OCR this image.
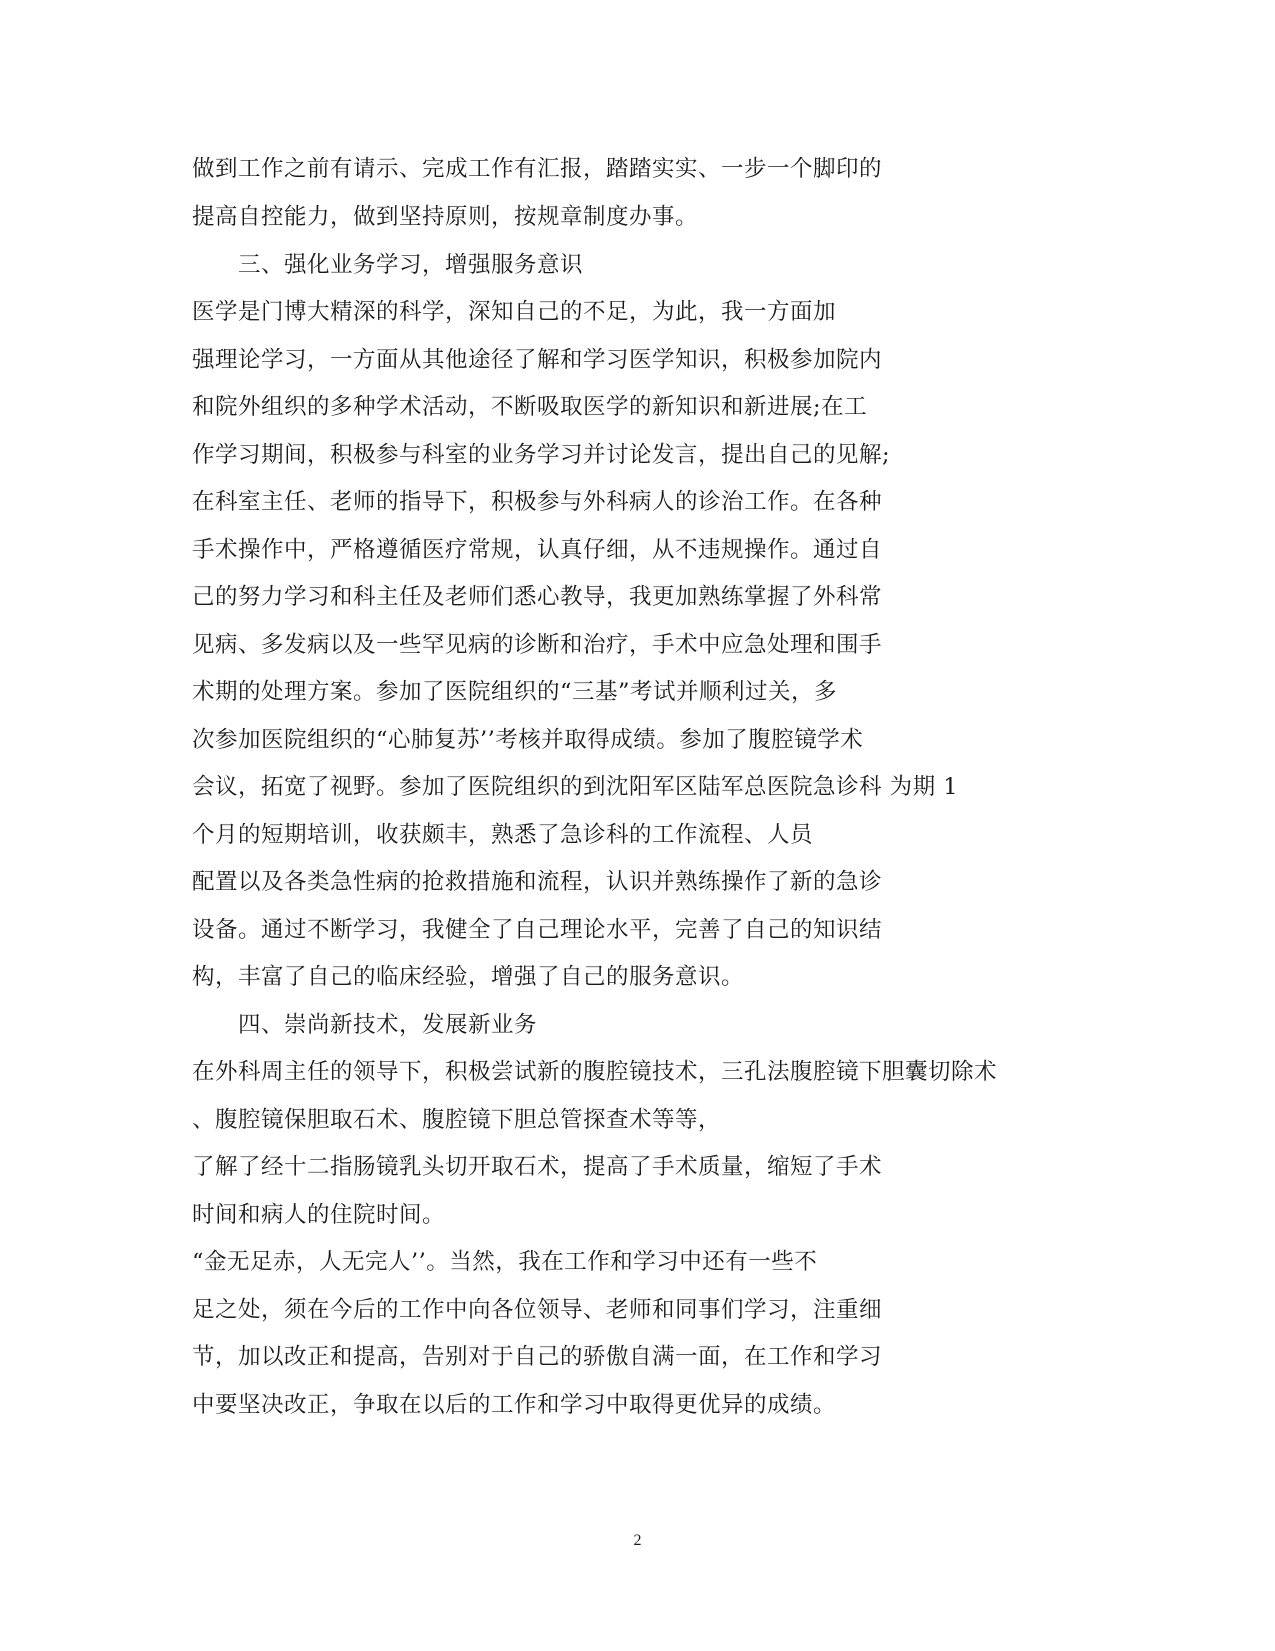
做到工作之前有请示、完成工作有汇报，踏踏实实、一步一个脚印的
提高自控能力，做到坚持原则，按规章制度办事。
三、强化业务学习，增强服务意识
医学是门博大精深的科学，深知自己的不足，为此，我一方面加
强理论学习，一方面从其他途径了解和学习医学知识，积极参加院内
和院外组织的多种学术活动，不断吸取医学的新知识和新进展;在工
作学习期间，积极参与科室的业务学习并讨论发言，提出自己的见解;
在科室主任、老师的指导下，积极参与外科病人的诊治工作。在各种
手术操作中，严格遵循医疗常规，认真仔细，从不违规操作。通过自
己的努力学习和科主任及老师们悉心教导，我更加熟练掌握了外科常
见病、多发病以及一些罕见病的诊断和治疗，手术中应急处理和围手
术期的处理方案。参加了医院组织的“三基”考试并顺利过关，多
次参加医院组织的“心肺复苏’’考核并取得成绩。参加了腹腔镜学术
会议，拓宽了视野。参加了医院组织的到沈阳军区陆军总医院急诊科 为期 1
个月的短期培训，收获颇丰，熟悉了急诊科的工作流程、人员
配置以及各类急性病的抢救措施和流程，认识并熟练操作了新的急诊
设备。通过不断学习，我健全了自己理论水平，完善了自己的知识结
构，丰富了自己的临床经验，增强了自己的服务意识。
四、崇尚新技术，发展新业务
在外科周主任的领导下，积极尝试新的腹腔镜技术，三孔法腹腔镜下胆囊切除术
、腹腔镜保胆取石术、腹腔镜下胆总管探查术等等，
了解了经十二指肠镜乳头切开取石术，提高了手术质量，缩短了手术
时间和病人的住院时间。
“金无足赤，人无完人’’。当然，我在工作和学习中还有一些不
足之处，须在今后的工作中向各位领导、老师和同事们学习，注重细
节，加以改正和提高，告别对于自己的骄傲自满一面，在工作和学习
中要坚决改正，争取在以后的工作和学习中取得更优异的成绩。
2
